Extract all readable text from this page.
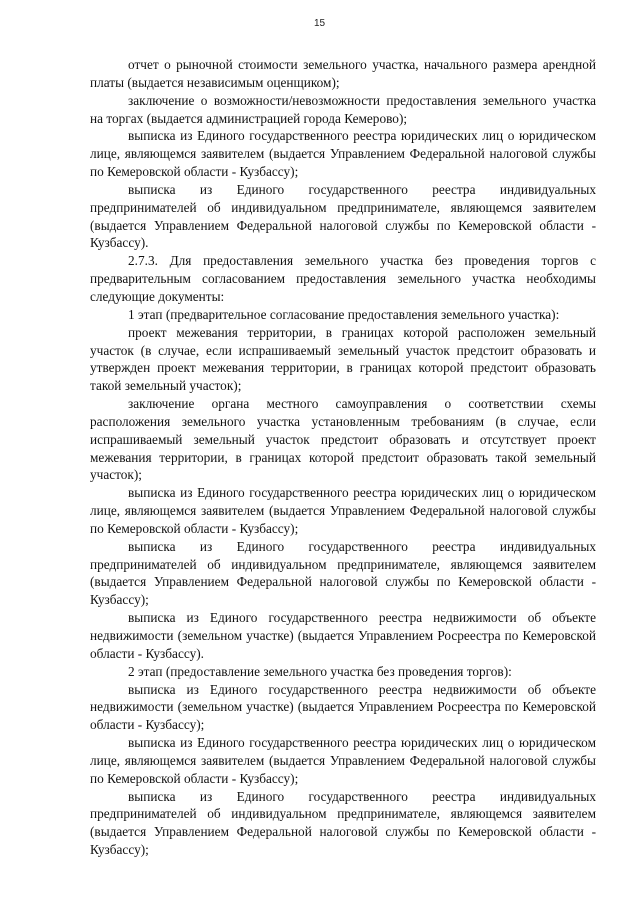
15

отчет о рыночной стоимости земельного участка, начального размера арендной платы (выдается независимым оценщиком);

заключение о возможности/невозможности предоставления земельного участка на торгах (выдается администрацией города Кемерово);

выписка из Единого государственного реестра юридических лиц о юридическом лице, являющемся заявителем (выдается Управлением Федеральной налоговой службы по Кемеровской области - Кузбассу);

выписка из Единого государственного реестра индивидуальных предпринимателей об индивидуальном предпринимателе, являющемся заявителем (выдается Управлением Федеральной налоговой службы по Кемеровской области - Кузбассу).

2.7.3. Для предоставления земельного участка без проведения торгов с предварительным согласованием предоставления земельного участка необходимы следующие документы:

1 этап (предварительное согласование предоставления земельного участка):

проект межевания территории, в границах которой расположен земельный участок (в случае, если испрашиваемый земельный участок предстоит образовать и утвержден проект межевания территории, в границах которой предстоит образовать такой земельный участок);

заключение органа местного самоуправления о соответствии схемы расположения земельного участка установленным требованиям (в случае, если испрашиваемый земельный участок предстоит образовать и отсутствует проект межевания территории, в границах которой предстоит образовать такой земельный участок);

выписка из Единого государственного реестра юридических лиц о юридическом лице, являющемся заявителем (выдается Управлением Федеральной налоговой службы по Кемеровской области - Кузбассу);

выписка из Единого государственного реестра индивидуальных предпринимателей об индивидуальном предпринимателе, являющемся заявителем (выдается Управлением Федеральной налоговой службы по Кемеровской области - Кузбассу);

выписка из Единого государственного реестра недвижимости об объекте недвижимости (земельном участке) (выдается Управлением Росреестра по Кемеровской области - Кузбассу).

2 этап (предоставление земельного участка без проведения торгов):

выписка из Единого государственного реестра недвижимости об объекте недвижимости (земельном участке) (выдается Управлением Росреестра по Кемеровской области - Кузбассу);

выписка из Единого государственного реестра юридических лиц о юридическом лице, являющемся заявителем (выдается Управлением Федеральной налоговой службы по Кемеровской области - Кузбассу);

выписка из Единого государственного реестра индивидуальных предпринимателей об индивидуальном предпринимателе, являющемся заявителем (выдается Управлением Федеральной налоговой службы по Кемеровской области - Кузбассу);
